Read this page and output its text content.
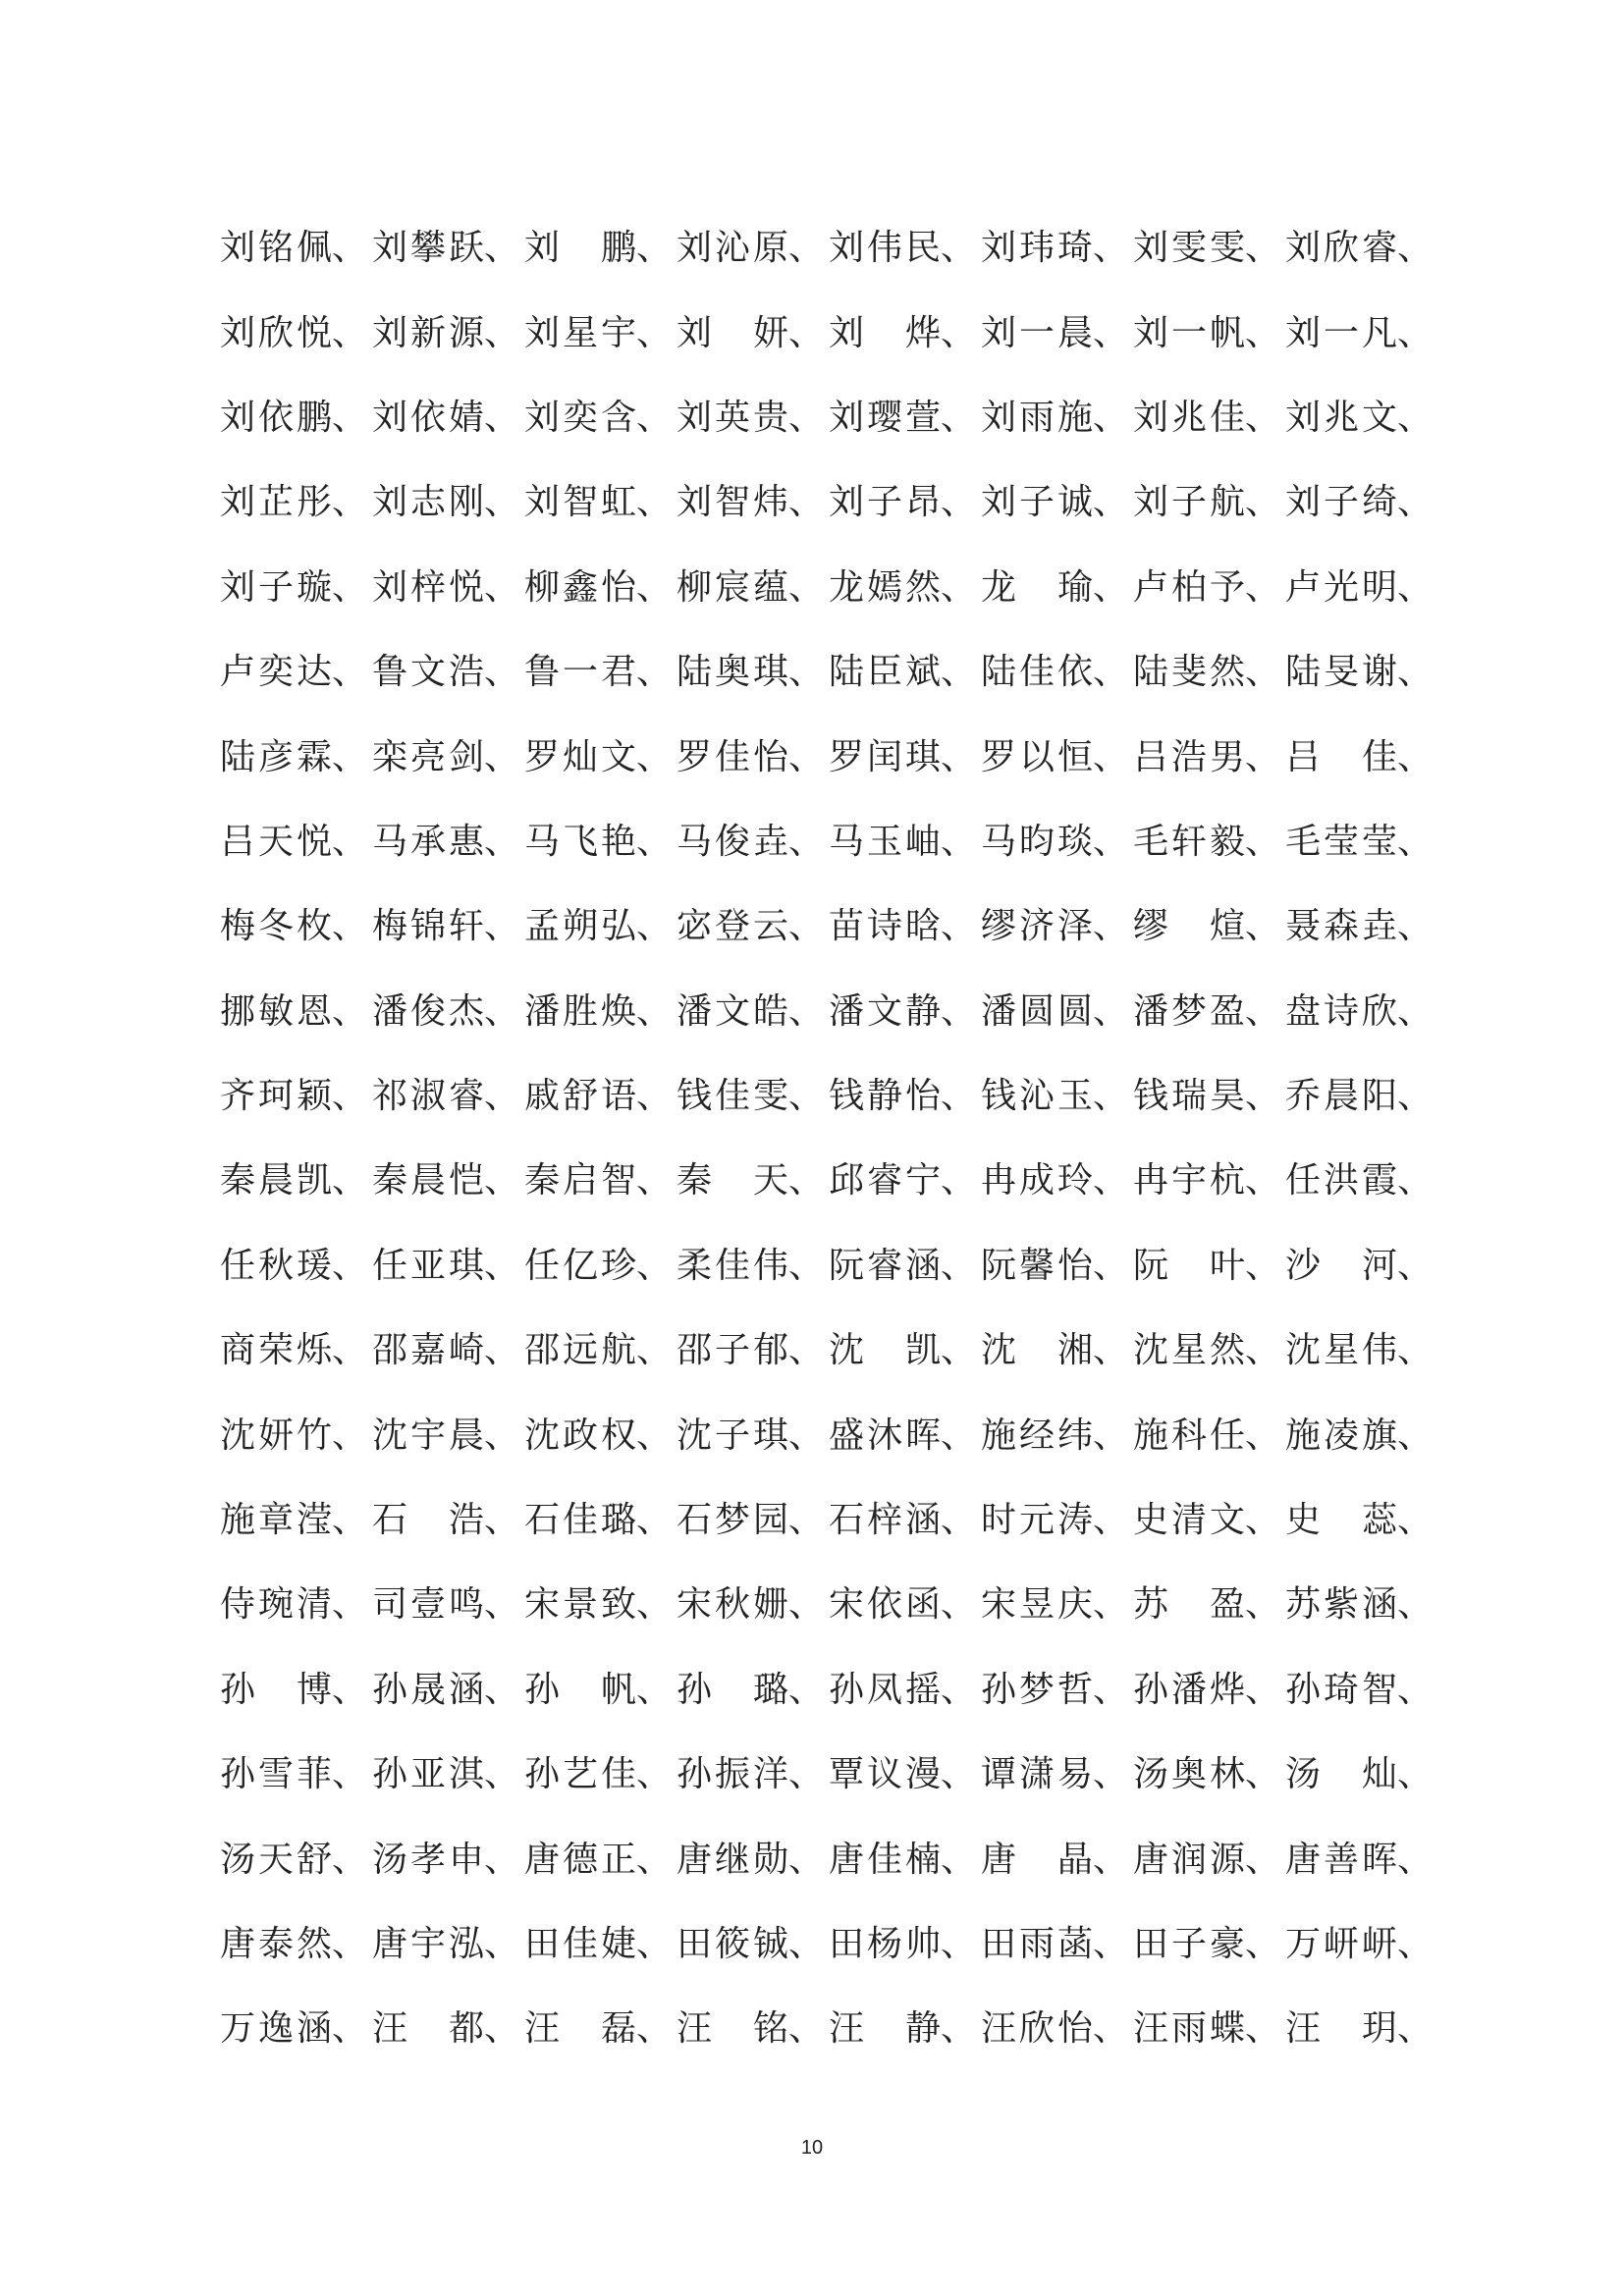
刘 铭 佩 、 刘 攀 跃 、 刘 鹏 、 刘 沁 原 、 刘 伟 民 、 刘 玮 琦 、 刘 雯 雯 、 刘 欣 睿 、
刘 欣 悦 、 刘 新 源 、 刘 星 宇 、 刘 妍 、 刘 烨 、 刘 一 晨 、 刘 一 帆 、 刘 一 凡 、
刘 依 鹏 、 刘 依 婧 、 刘 奕 含 、 刘 英 贵 、 刘 璎 萱 、 刘 雨 施 、 刘 兆 佳 、 刘 兆 文 、
刘 芷 彤 、 刘 志 刚 、 刘 智 虹 、 刘 智 炜 、 刘 子 昂 、 刘 子 诚 、 刘 子 航 、 刘 子 绮 、
刘 子 璇 、 刘 梓 悦 、 柳 鑫 怡 、 柳 宸 蕴 、 龙 嫣 然 、 龙 瑜 、 卢 柏 予 、 卢 光 明 、
卢 奕 达 、 鲁 文 浩 、 鲁 一 君 、 陆 奥 琪 、 陆 臣 斌 、 陆 佳 依 、 陆 斐 然 、 陆 旻 谢 、
陆 彦 霖 、 栾 亮 剑 、 罗 灿 文 、 罗 佳 怡 、 罗 闰 琪 、 罗 以 恒 、 吕 浩 男 、 吕 佳 、
吕 天 悦 、 马 承 惠 、 马 飞 艳 、 马 俊 垚 、 马 玉 岫 、 马 昀 琰 、 毛 轩 毅 、 毛 莹 莹 、
梅 冬 枚 、 梅 锦 轩 、 孟 朔 弘 、 宓 登 云 、 苗 诗 晗 、 缪 济 泽 、 缪 煊 、 聂 森 垚 、
挪 敏 恩 、 潘 俊 杰 、 潘 胜 焕 、 潘 文 皓 、 潘 文 静 、 潘 圆 圆 、 潘 梦 盈 、 盘 诗 欣 、
齐 珂 颖 、 祁 淑 睿 、 戚 舒 语 、 钱 佳 雯 、 钱 静 怡 、 钱 沁 玉 、 钱 瑞 昊 、 乔 晨 阳 、
秦 晨 凯 、 秦 晨 恺 、 秦 启 智 、 秦 天 、 邱 睿 宁 、 冉 成 玲 、 冉 宇 杭 、 任 洪 霞 、
任 秋 瑗 、 任 亚 琪 、 任 亿 珍 、 柔 佳 伟 、 阮 睿 涵 、 阮 馨 怡 、 阮 叶 、 沙 河 、
商 荣 烁 、 邵 嘉 崎 、 邵 远 航 、 邵 子 郁 、 沈 凯 、 沈 湘 、 沈 星 然 、 沈 星 伟 、
沈 妍 竹 、 沈 宇 晨 、 沈 政 权 、 沈 子 琪 、 盛 沐 晖 、 施 经 纬 、 施 科 任 、 施 凌 旗 、
施 章 滢 、 石 浩 、 石 佳 璐 、 石 梦 园 、 石 梓 涵 、 时 元 涛 、 史 清 文 、 史 蕊 、
侍 琬 清 、 司 壹 鸣 、 宋 景 致 、 宋 秋 姗 、 宋 依 函 、 宋 昱 庆 、 苏 盈 、 苏 紫 涵 、
孙 博 、 孙 晟 涵 、 孙 帆 、 孙 璐 、 孙 凤 摇 、 孙 梦 哲 、 孙 潘 烨 、 孙 琦 智 、
孙 雪 菲 、 孙 亚 淇 、 孙 艺 佳 、 孙 振 洋 、 覃 议 漫 、 谭 潇 易 、 汤 奥 林 、 汤 灿 、
汤 天 舒 、 汤 孝 申 、 唐 德 正 、 唐 继 勋 、 唐 佳 楠 、 唐 晶 、 唐 润 源 、 唐 善 晖 、
唐 泰 然 、 唐 宇 泓 、 田 佳 婕 、 田 筱 铖 、 田 杨 帅 、 田 雨 菡 、 田 子 豪 、 万 岍 岍 、
万 逸 涵 、 汪 都 、 汪 磊 、 汪 铭 、 汪 静 、 汪 欣 怡 、 汪 雨 蝶 、 汪 玥 、
10
